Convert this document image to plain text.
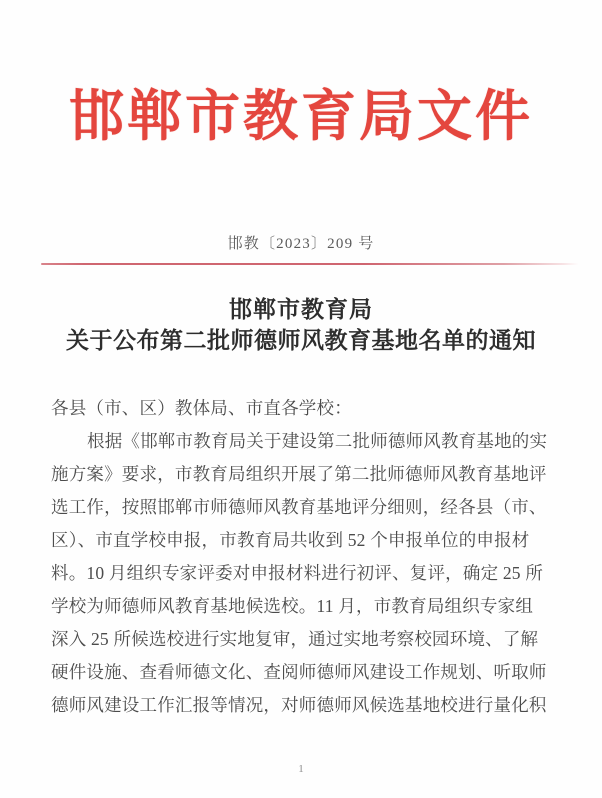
邯郸市教育局文件
邯教〔2023〕209 号
邯郸市教育局
关于公布第二批师德师风教育基地名单的通知
各县（市、区）教体局、市直各学校：
根据《邯郸市教育局关于建设第二批师德师风教育基地的实
施方案》要求，市教育局组织开展了第二批师德师风教育基地评
选工作，按照邯郸市师德师风教育基地评分细则，经各县（市、
区）、市直学校申报，市教育局共收到 52 个申报单位的申报材
料。10 月组织专家评委对申报材料进行初评、复评，确定 25 所
学校为师德师风教育基地候选校。11 月，市教育局组织专家组
深入 25 所候选校进行实地复审，通过实地考察校园环境、了解
硬件设施、查看师德文化、查阅师德师风建设工作规划、听取师
德师风建设工作汇报等情况，对师德师风候选基地校进行量化积
1
